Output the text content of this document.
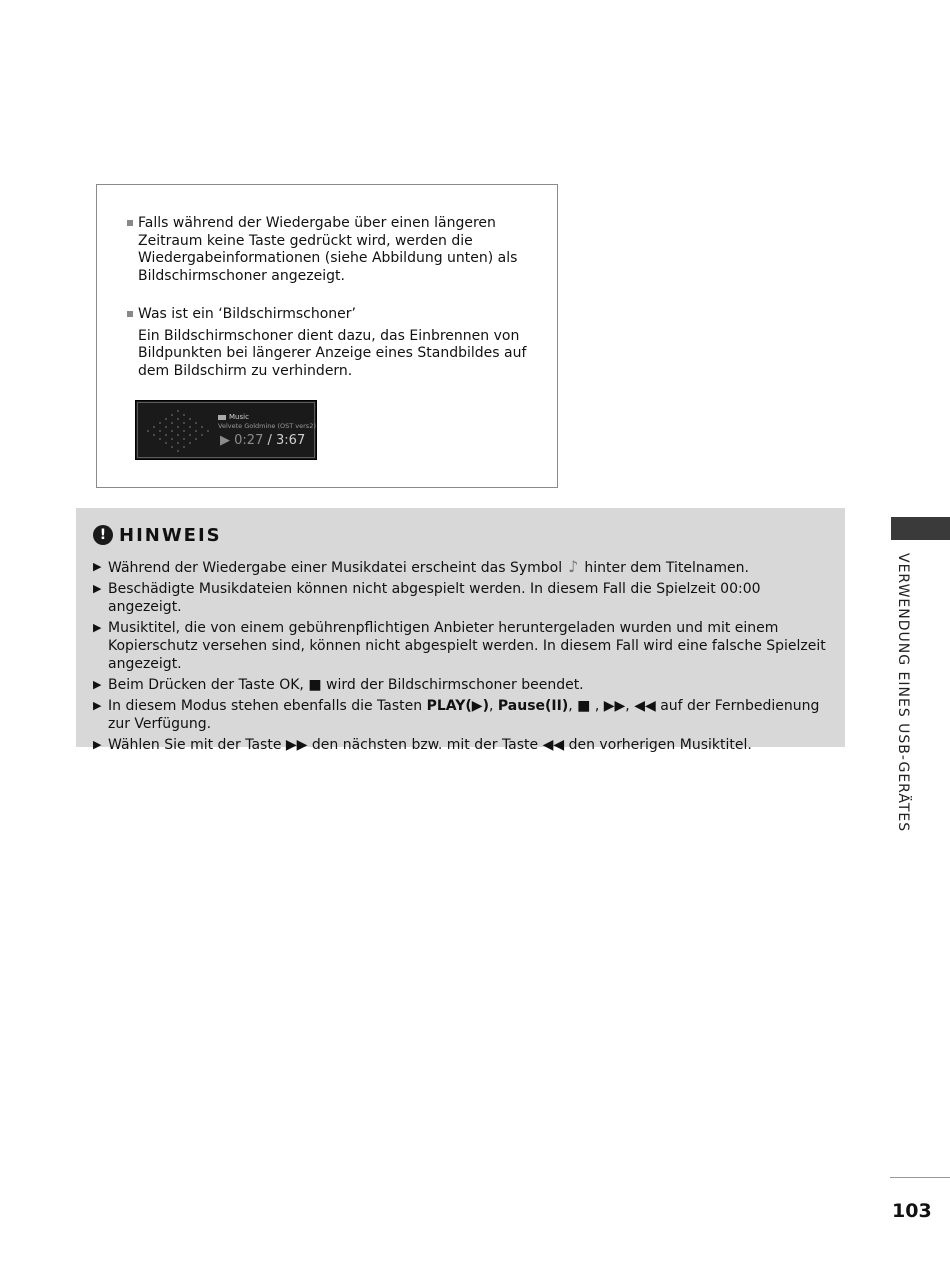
Falls während der Wiedergabe über einen längeren Zeitraum keine Taste gedrückt wird, werden die Wiedergabeinformationen (siehe Abbildung unten) als Bildschirmschoner angezeigt.
Was ist ein ‘Bildschirmschoner’
Ein Bildschirmschoner dient dazu, das Einbrennen von Bildpunkten bei längerer Anzeige eines Standbildes auf dem Bildschirm zu verhindern.
Music
Velvete Goldmine (OST vers2)
▶ 0:27 / 3:67
! HINWEIS
▶ Während der Wiedergabe einer Musikdatei erscheint das Symbol ♪ hinter dem Titelnamen.
▶ Beschädigte Musikdateien können nicht abgespielt werden. In diesem Fall die Spielzeit 00:00 angezeigt.
▶ Musiktitel, die von einem gebührenpflichtigen Anbieter heruntergeladen wurden und mit einem Kopierschutz versehen sind, können nicht abgespielt werden. In diesem Fall wird eine falsche Spielzeit angezeigt.
▶ Beim Drücken der Taste OK, ■ wird der Bildschirmschoner beendet.
▶ In diesem Modus stehen ebenfalls die Tasten PLAY(▶), Pause(II), ■ , ▶▶, ◀◀ auf der Fernbedienung zur Verfügung.
▶ Wählen Sie mit der Taste ▶▶ den nächsten bzw. mit der Taste ◀◀ den vorherigen Musiktitel.	VERWENDUNG EINES USB-GERÄTES
103
